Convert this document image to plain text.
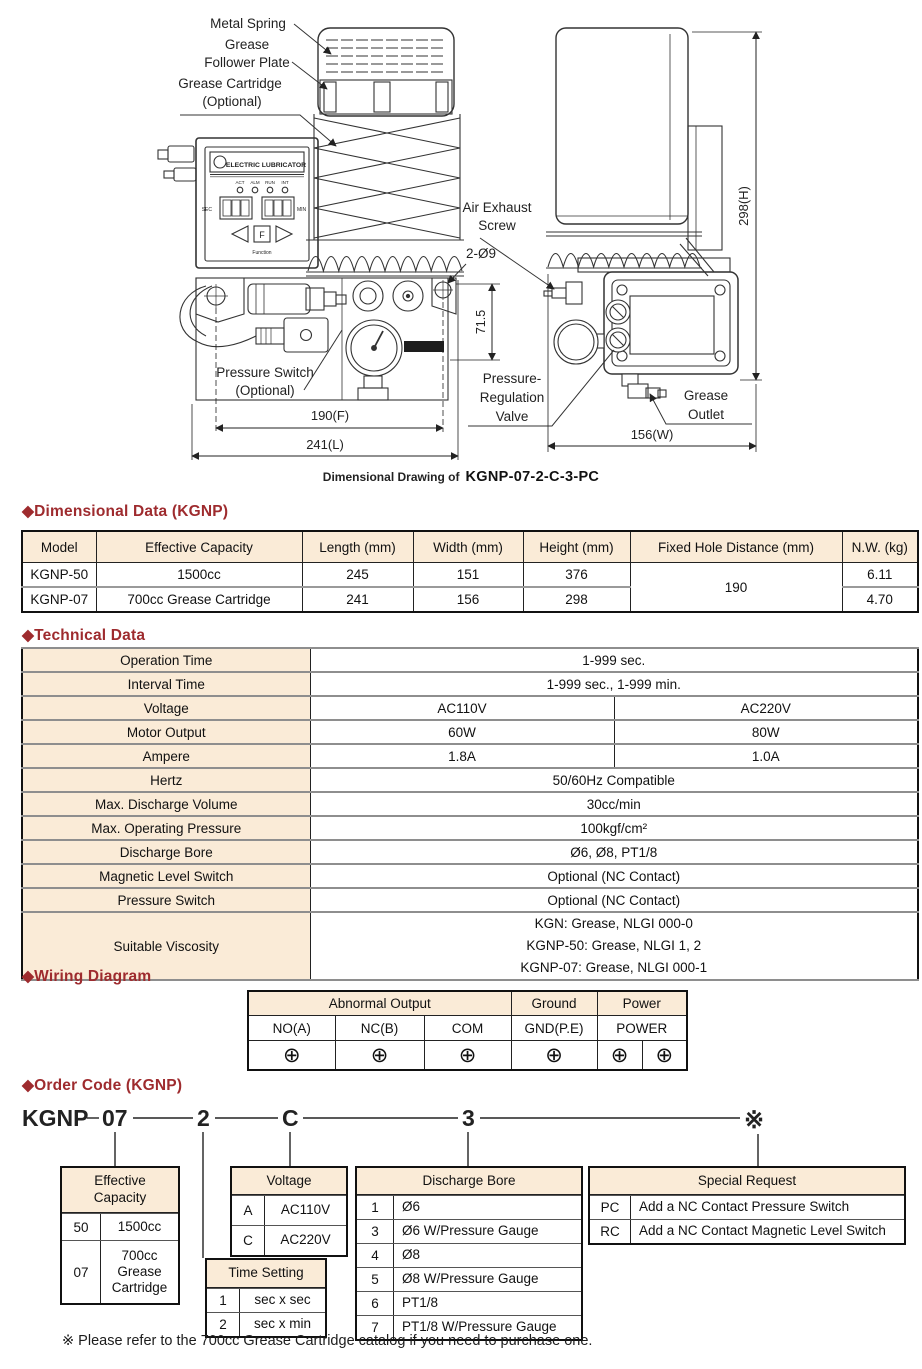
Metal Spring
Grease
Follower Plate
Grease Cartridge
(Optional)
Air Exhaust
Screw
2-Ø9
71.5
298(H)
Pressure Switch
(Optional)
Pressure-
Regulation
Valve
Grease
Outlet
190(F)
241(L)
156(W)
ELECTRIC LUBRICATOR
ACT ALM RUN INT
SEC	MIN
F
Function
Dimensional Drawing of KGNP-07-2-C-3-PC
◆Dimensional Data (KGNP)
Model	Effective Capacity	Length (mm)	Width (mm)	Height (mm)	Fixed Hole Distance (mm)	N.W. (kg)
KGNP-50	1500cc	245	151	376	190	6.11
KGNP-07	700cc Grease Cartridge	241	156	298		4.70
◆Technical Data
Operation Time	1-999 sec.	
Interval Time	1-999 sec., 1-999 min.	
Voltage	AC110V	AC220V
Motor Output	60W	80W
Ampere	1.8A	1.0A
Hertz	50/60Hz Compatible	
Max. Discharge Volume	30cc/min	
Max. Operating Pressure	100kgf/cm²	
Discharge Bore	Ø6, Ø8, PT1/8	
Magnetic Level Switch	Optional (NC Contact)	
Pressure Switch	Optional (NC Contact)	
Suitable Viscosity	KGN: Grease, NLGI 000-0
KGNP-50: Grease, NLGI 1, 2
KGNP-07: Grease, NLGI 000-1	
◆Wiring Diagram
Abnormal Output			Ground	Power	
NO(A)	NC(B)	COM	GND(P.E)	POWER	
⊕	⊕	⊕	⊕	⊕	⊕
◆Order Code (KGNP)
KGNP 07	2	C	3	※
Effective Capacity
50	1500cc
07
700cc Grease Cartridge
Voltage
A	AC110V
C	AC220V
Time Setting
1	sec x sec
2	sec x min
Discharge Bore
1	Ø6
3	Ø6 W/Pressure Gauge
4	Ø8
5	Ø8 W/Pressure Gauge
6	PT1/8
7	PT1/8 W/Pressure Gauge
Special Request
PC	Add a NC Contact Pressure Switch
RC	Add a NC Contact Magnetic Level Switch
※ Please refer to the 700cc Grease Cartridge catalog if you need to purchase one.
